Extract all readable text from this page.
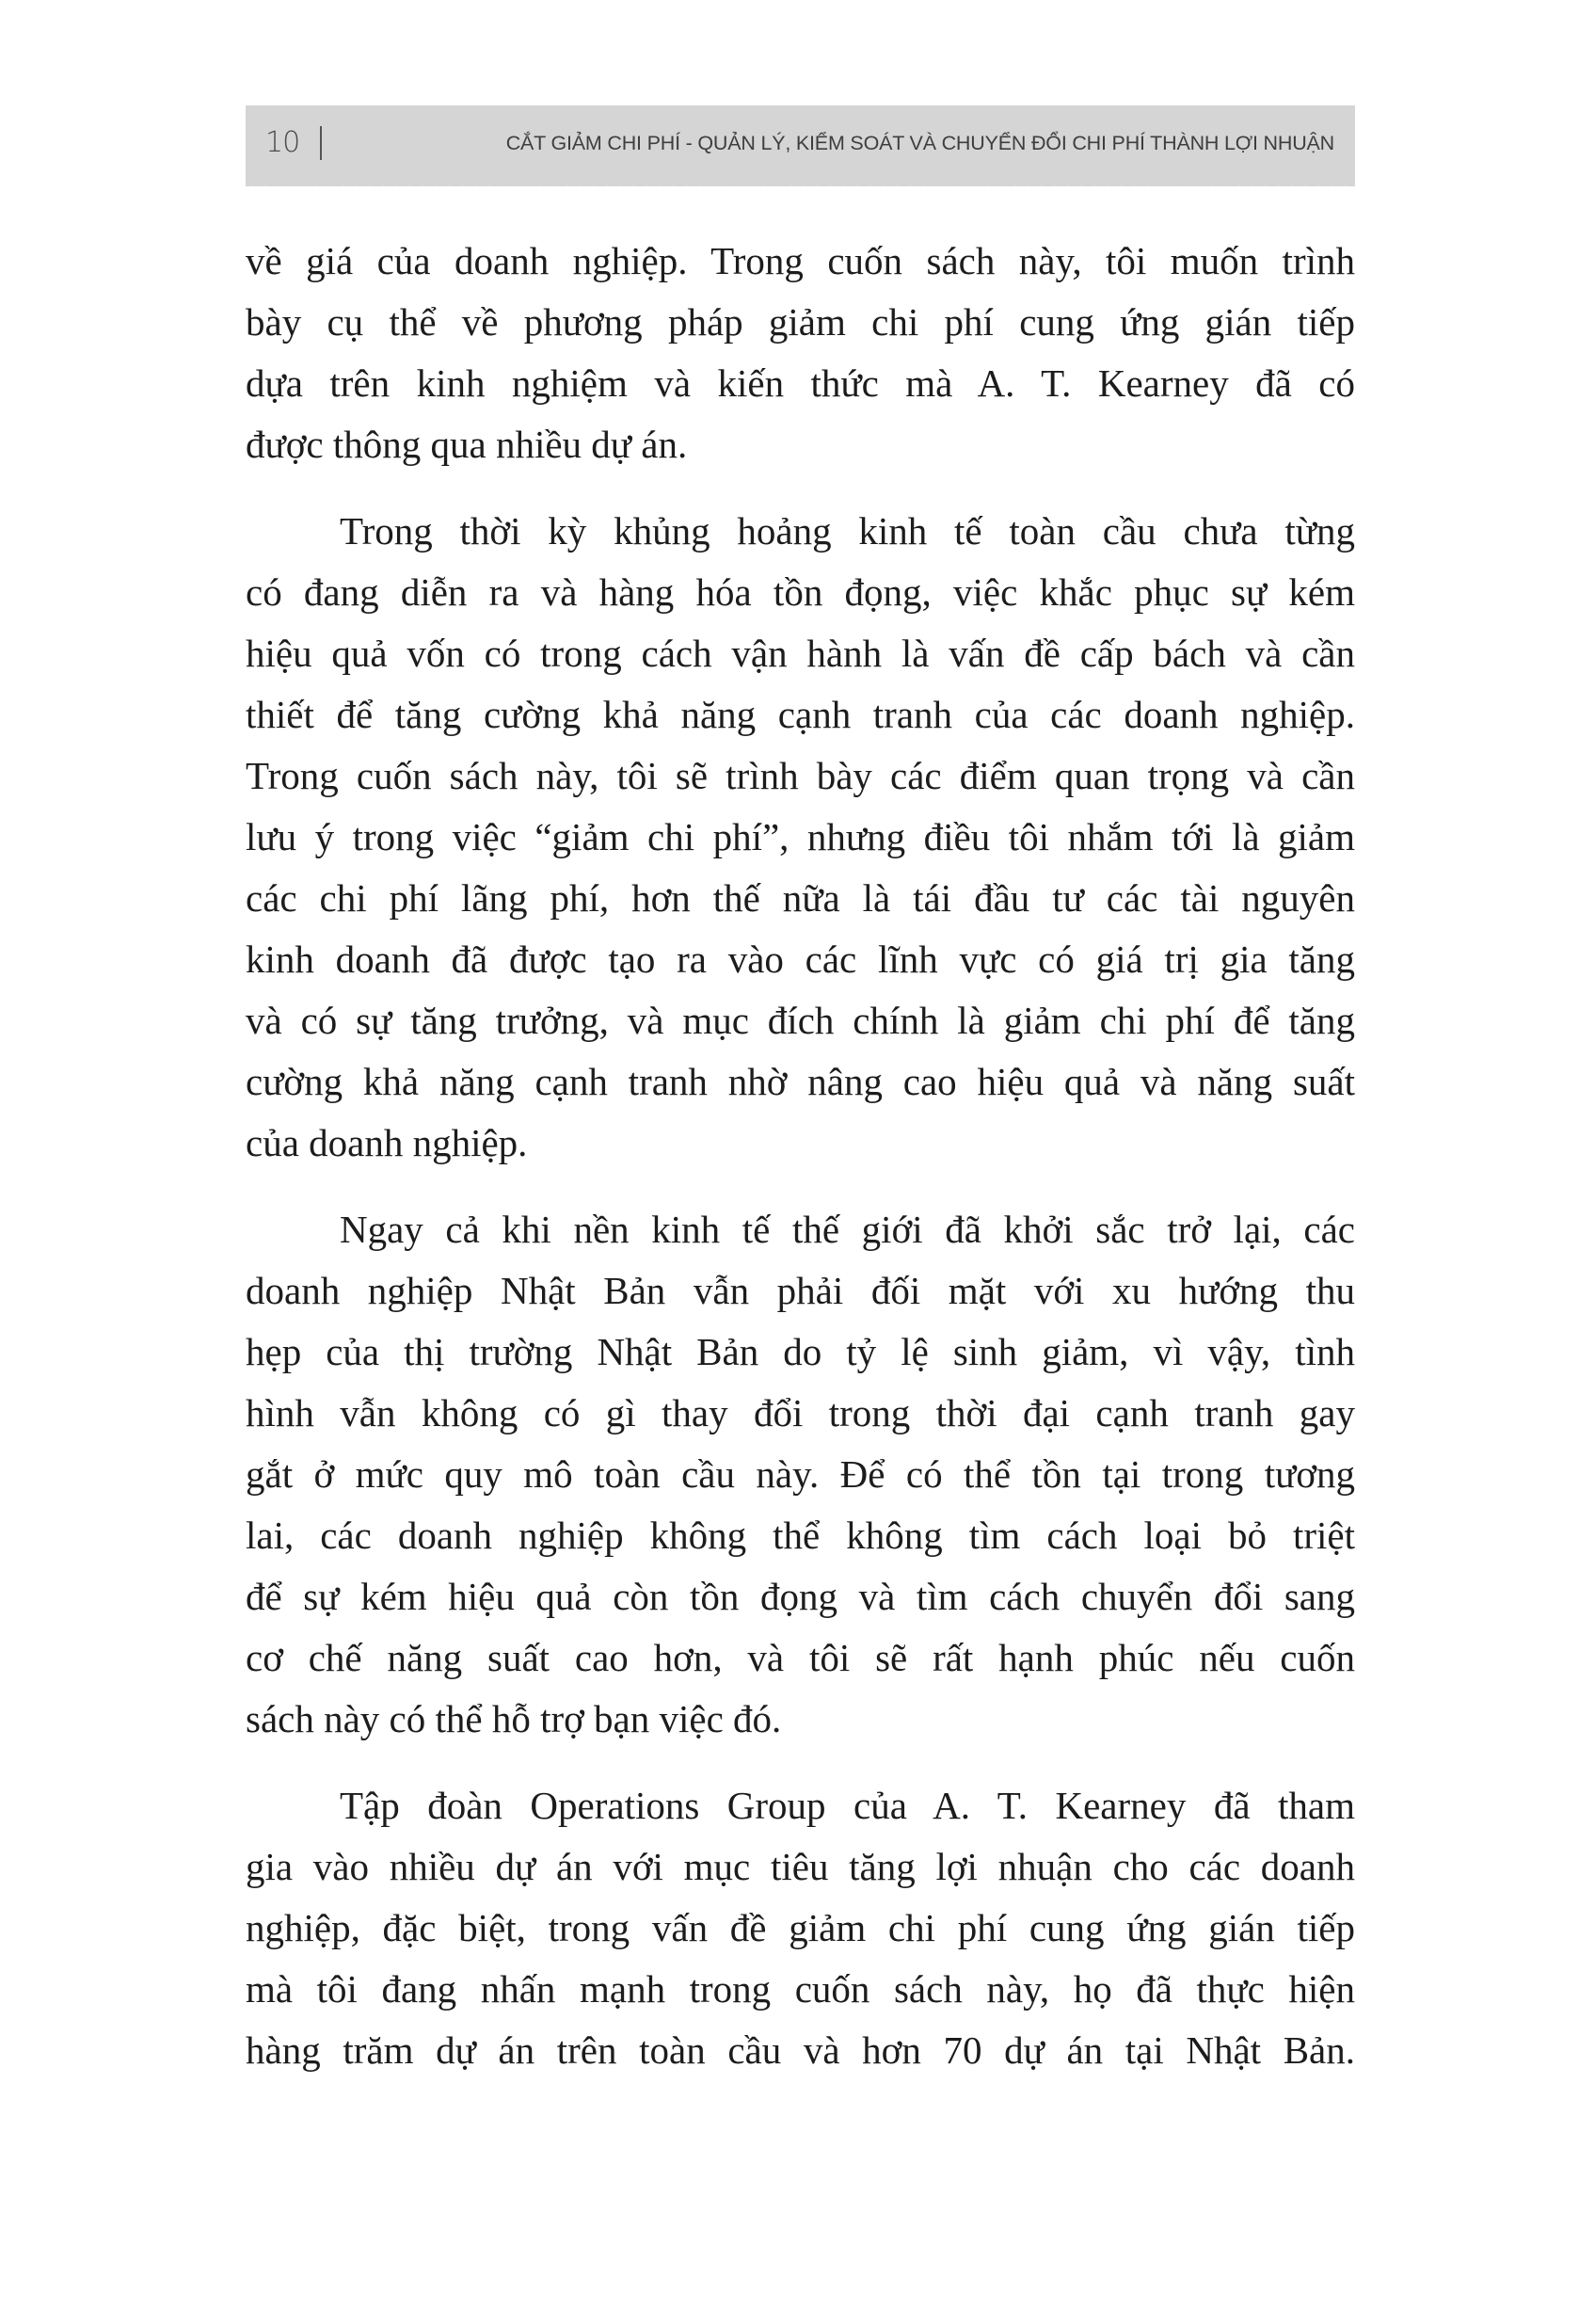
10	CẮT GIẢM CHI PHÍ - QUẢN LÝ, KIỂM SOÁT VÀ CHUYỂN ĐỔI CHI PHÍ THÀNH LỢI NHUẬN
về giá của doanh nghiệp. Trong cuốn sách này, tôi muốn trình
bày cụ thể về phương pháp giảm chi phí cung ứng gián tiếp
dựa trên kinh nghiệm và kiến thức mà A. T. Kearney đã có
được thông qua nhiều dự án.
Trong thời kỳ khủng hoảng kinh tế toàn cầu chưa từng
có đang diễn ra và hàng hóa tồn đọng, việc khắc phục sự kém
hiệu quả vốn có trong cách vận hành là vấn đề cấp bách và cần
thiết để tăng cường khả năng cạnh tranh của các doanh nghiệp.
Trong cuốn sách này, tôi sẽ trình bày các điểm quan trọng và cần
lưu ý trong việc “giảm chi phí”, nhưng điều tôi nhắm tới là giảm
các chi phí lãng phí, hơn thế nữa là tái đầu tư các tài nguyên
kinh doanh đã được tạo ra vào các lĩnh vực có giá trị gia tăng
và có sự tăng trưởng, và mục đích chính là giảm chi phí để tăng
cường khả năng cạnh tranh nhờ nâng cao hiệu quả và năng suất
của doanh nghiệp.
Ngay cả khi nền kinh tế thế giới đã khởi sắc trở lại, các
doanh nghiệp Nhật Bản vẫn phải đối mặt với xu hướng thu
hẹp của thị trường Nhật Bản do tỷ lệ sinh giảm, vì vậy, tình
hình vẫn không có gì thay đổi trong thời đại cạnh tranh gay
gắt ở mức quy mô toàn cầu này. Để có thể tồn tại trong tương
lai, các doanh nghiệp không thể không tìm cách loại bỏ triệt
để sự kém hiệu quả còn tồn đọng và tìm cách chuyển đổi sang
cơ chế năng suất cao hơn, và tôi sẽ rất hạnh phúc nếu cuốn
sách này có thể hỗ trợ bạn việc đó.
Tập đoàn Operations Group của A. T. Kearney đã tham
gia vào nhiều dự án với mục tiêu tăng lợi nhuận cho các doanh
nghiệp, đặc biệt, trong vấn đề giảm chi phí cung ứng gián tiếp
mà tôi đang nhấn mạnh trong cuốn sách này, họ đã thực hiện
hàng trăm dự án trên toàn cầu và hơn 70 dự án tại Nhật Bản.
